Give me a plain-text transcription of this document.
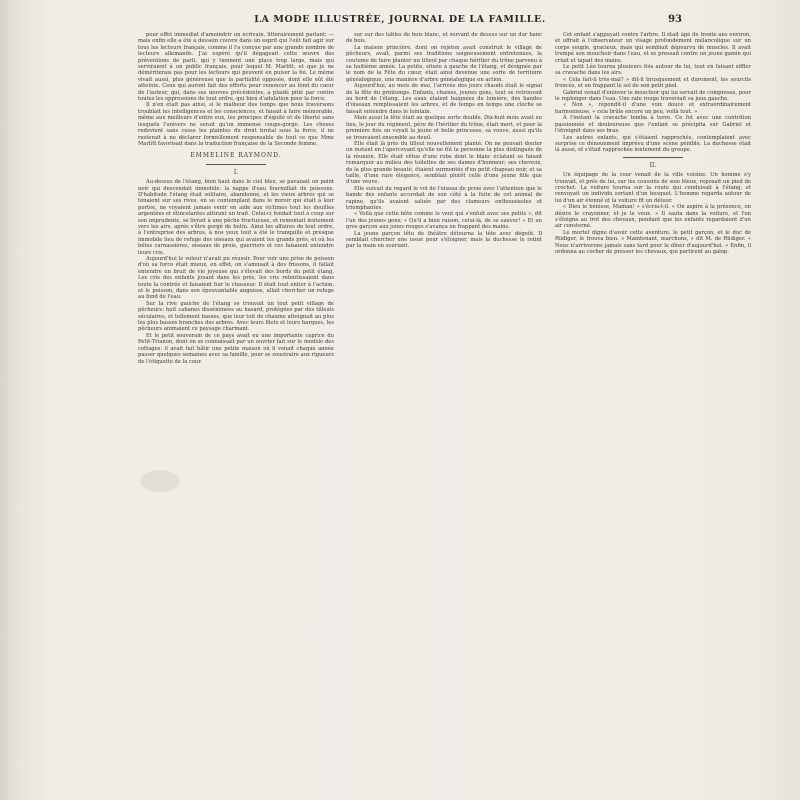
LA MODE ILLUSTRÉE, JOURNAL DE LA FAMILLE.	93

pour effet immédiat d'amoindrir un écrivain, littérairement parlant; — mais enfin elle a été à dessein couvre dans un esprit qui l'eût fait agir sur tous les lecteurs français, comme il l'a conçue par une grande nombre de lecteurs allemands. J'ai espéré qu'il dégageait cette œuvre des préventions de parti, qui y tiennent une place trop large, mais qui serviraient à un public français, pour lequel M. Marlitt, et que je ne démériterais pas pour les lecteurs qui peuvent en puiser la foi. Le même vivait aussi, plus généreuse que la partialité opposée, dont elle eût été atteinte. Ceux qui auront fait des efforts pour renoncer au fond du cœur de l'auteur, qui, dans ses œuvres précédentes, a plaidé pitié par contre toutes les oppressions de tout ordre, qui bien d'adulation pour la force.

Il n'en était pas ainsi, si le malheur des temps que nous traversons troublait les intelligences et les consciences, et faisait à faire mémorable, même aux meilleurs d'entre eux, les principes d'équité et de liberté sans lesquels l'univers ne serait qu'un immense coupe-gorge. Les choses redevient sans cesse les plaintes du droit brutal sous la force, il ne resterait à ne déclarer formellement responsable de tout ce que Mme Marlitt favorisait dans la traduction française de la Seconde femme.

EMMELINE RAYMOND.

I.

Au-dessus de l'étang, bien haut dans le ciel bleu, se pavanait un point noir qui descendait immobile: la nappe d'eau fourmillait de poissons. D'habitude l'étang était solitaire, abandonné, et les vieux arbres qui se tenaient sur ses rives, en se contemplant dans le miroir qui était à leur portée, ne voyaient jamais venir en aide aux victimes tout les deuilles argentées et étincelantes attirant un trait. Celui-ci fondait tout à coup sur son imprudente, se livrait à une pêche fructueuse, et remontait lentement vers les airs, après s'être gorgé de butin. Ainsi les affaires de tout ordre, à l'entreprise des arbres, à nos yeux tout a été le tranquille et presque immobile lieu de refuge des oiseaux qui avaient les grands prés, et où les bêtes carnassières, oiseaux de proie, guerriers et ces faisaient entendre leurs cris.

Aujourd'hui le voleur n'avait pu réussir. Pour voir une prise de poisson d'où sa force était mieux, en effet, on s'amusait à des frissons, il fallait entendre un bruit de vie joyeuse qui s'élevait des bords du petit étang. Les cris des enfants jouant dans les prés, les cris retentissaient dans toute la contrée et faisaient fuir le chasseur. Il était tout entier à l'action, et le poisson, dans son épouvantable angoisse, allait chercher un refuge au fond de l'eau.

Sur la rive gauche de l'étang se trouvait un tout petit village de pêcheurs: huit cabanes disséminées au hasard, protégées par des tilleuls séculaires, et tellement basses, que leur toit de chaume atteignait au plus les plus basses branches des arbres. Avec leurs filets et leurs barques, les pêcheurs animaient ce paysage charmant.

Et le petit souverain de ce pays avait eu une importante caprice du Petit-Trianon, dont on se connaissait par un ouvrier fait sur le modèle des cottages: il avait fait bâtir une petite maison où il venait chaque année passer quelques semaines avec sa famille, pour se soustraire aux rigueurs de l'étiquette de la cour.

sur sur des tables de bois blanc, et servant de dessus sur un dur banc de bois.

La maison princière, dont on rejeton avait construit le village de pêcheurs, avait, parmi ses traditions soigneusement entretenues, la coutume de faire planter un tilleul par chaque héritier du trône parvenu à sa huitième année. La petite, située à gauche de l'étang, et désignée par le nom de la Fête du cœur, était ainsi devenue une sorte de territoire généalogique, une manière d'arbre généalogique en action.

Aujourd'hui, au mois de mai, l'arrivée des jours chauds était le signal de la fête du printemps. Enfants, chaises, jeunes gens, tout se retrouvait au bord de l'étang. Les eaux étaient baignées de lumière, des bandes d'oiseaux remplissaient les arbres, et de temps en temps une cloche se faisait entendre dans le lointain.

Mais aussi la fête était au quelque sorte double. Dix-huit mois avait eu lieu, le jour du régiment, père de l'héritier du trône, était mort, et pour la première fois on voyait la jeune et belle princesse, sa veuve, aussi qu'ils se trouvaient ensemble au deuil.

Elle était là près du tilleul nouvellement planté. On ne pouvait douter un instant en l'apercevant qu'elle ne fût la personne la plus distinguée de la réunion. Elle était vêtue d'une robe dont le blanc éclatant se faisait remarquer au milieu des toilettes de ses dames d'honneur; ses cheveux, de la plus grande beauté, étaient surmontés d'un petit chapeau noir, et sa taille, d'une rare élégance, semblait plutôt celle d'une jeune fille que d'une veuve.

Elle suivait du regard le vol de l'oiseau de proie avec l'attention que le bande des enfants accordait de son côté à la fuite de cet animal de rapine, qu'ils avaient saluée par des clameurs enthousiastes et triomphantes.

« Voilà que cette bête comme le vent qui s'enfuit avec ses petits », dit l'un des jeunes gens; « Qu'il a bien raison, celui-là, de se sauver! » Et un gros garçon aux joues rouges s'avança en frappant des mains.

La jeune garçon têtu de théâtre détourna la tête avec dégoût. Il semblait chercher une issue pour s'éloigner, mais la duchesse le retint par la main en souriant.

Cet enfant s'appuyait contre l'arbre. Il était âgé de trente ans environ, et offrait à l'observateur un visage profondément mélancolique sur un corps souple, gracieux, mais qui semblait dépourvu de muscles. Il avait trempé son mouchoir dans l'eau, et se pressait contre un jeune gamin qui criait et tapait des mains.

Le petit Léo tourna plusieurs fois autour de lui, tout en faisant siffler sa cravache dans les airs.

« Cela fait-il très-mal? » dit-il brusquement et durement, les sourcils froncés, et en frappant le sol de son petit pied.

Gabriel venait d'enlever le mouchoir qui lui servait de compresse, pour le replonger dans l'eau. Une rate rouge traversait sa joue gauche.

« Non », répondit-il d'une voix douce et extraordinairement harmonieuse, « cela brûle encore un peu, voilà tout. »

À l'instant la cravache tomba à terre. Ce fut avec une contrition passionnée et douloureuse que l'enfant se précipita sur Gabriel et l'étreignit dans ses bras.

Les autres enfants, qui s'étaient rapprochés, contemplaient avec surprise ce dénouement imprévu d'une scène pénible. La duchesse était là aussi, et s'était rapprochée lentement du groupe.

II.

Un équipage de la cour venait de la ville voisine. Un homme s'y trouvait, et près de lui, sur les coussins de soie bleue, reposait un pied de crochet. La voiture tourna sur la route qui conduisait à l'étang, et renvoyait un individu sortant d'un bosquet. L'homme regarda autour de lui d'un air étonné et la voiture fit un détour.

« Dieu le bénisse, Maman! » s'écria-t-il. « On aspire à la présence, on désire le crayonner, et je le veux. » Il sauta dans la voiture, et l'on s'éloigna au trot des chevaux, pendant que les enfants regardaient d'un air consterné.

Le mortel digne d'avoir cette aventure, le petit garçon, et le duc de Rüdiger, le trouva bien. « Maintenant, marchons, » dit M. de Rüdiger. « Nous n'arriverons jamais sans tard pour le dîner d'aujourd'hui. » Enfin, il ordonna au cocher de presser les chevaux, qui partirent au galop.
